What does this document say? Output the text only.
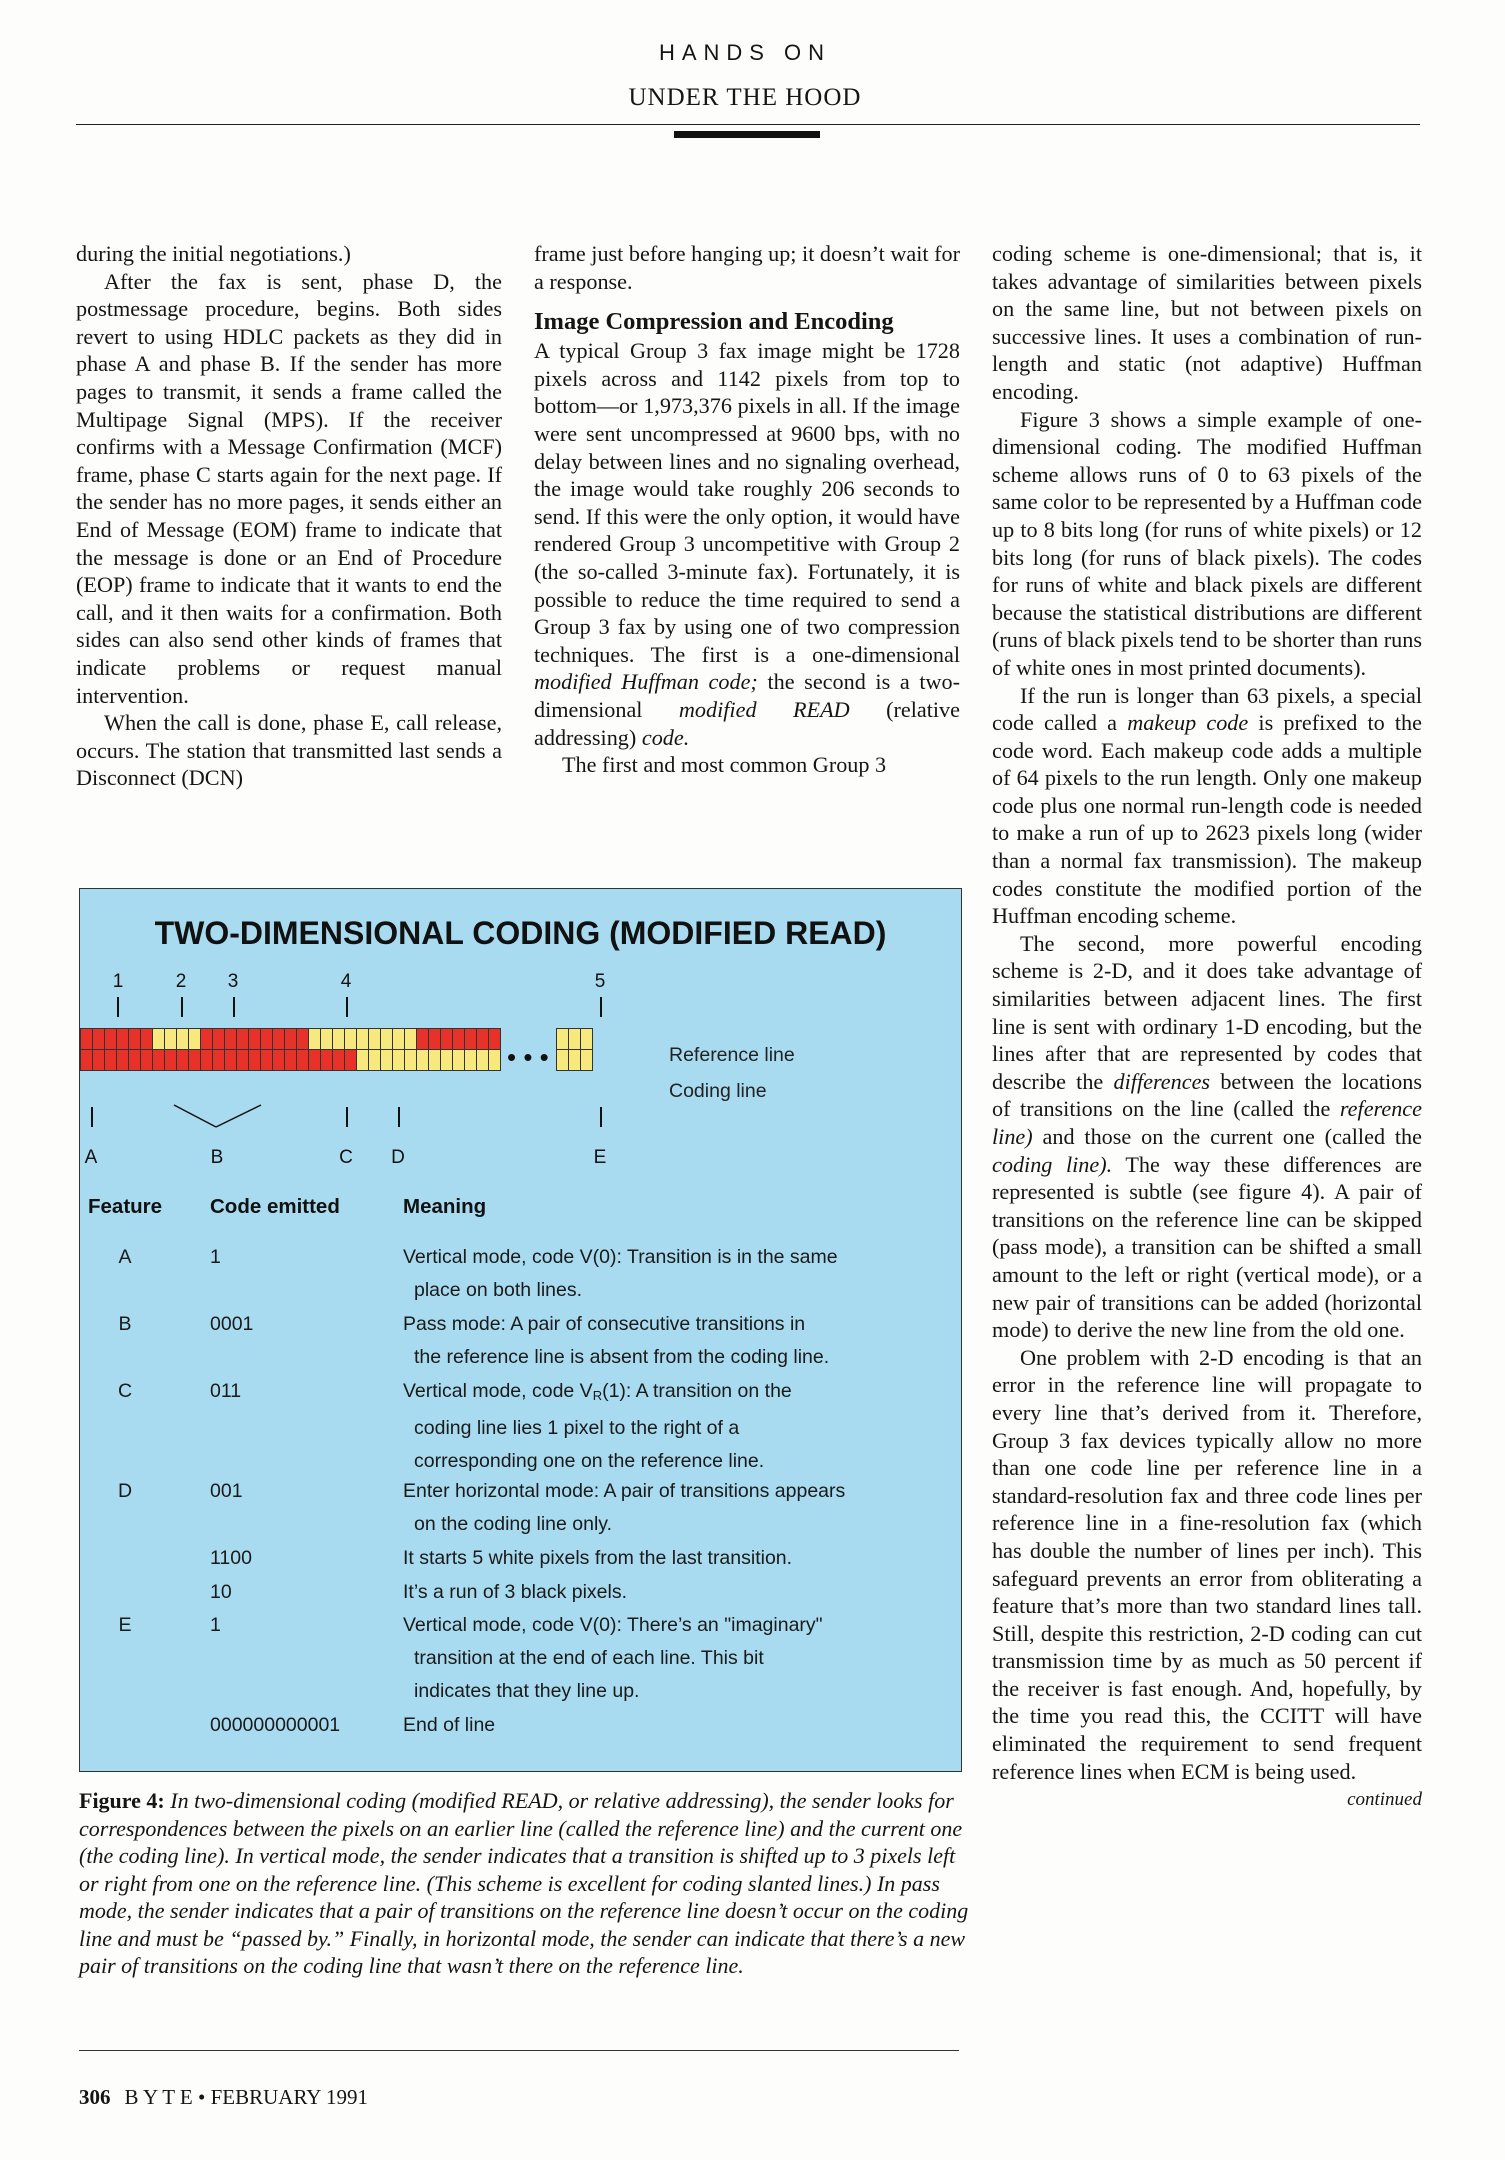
HANDS ON
UNDER THE HOOD

during the initial negotiations.)

After the fax is sent, phase D, the postmessage procedure, begins. Both sides revert to using HDLC packets as they did in phase A and phase B. If the sender has more pages to transmit, it sends a frame called the Multipage Signal (MPS). If the receiver confirms with a Message Confirmation (MCF) frame, phase C starts again for the next page. If the sender has no more pages, it sends either an End of Message (EOM) frame to indicate that the message is done or an End of Procedure (EOP) frame to indicate that it wants to end the call, and it then waits for a confirmation. Both sides can also send other kinds of frames that indicate problems or request manual intervention.

When the call is done, phase E, call release, occurs. The station that transmitted last sends a Disconnect (DCN)

frame just before hanging up; it doesn’t wait for a response.

Image Compression and Encoding

A typical Group 3 fax image might be 1728 pixels across and 1142 pixels from top to bottom—or 1,973,376 pixels in all. If the image were sent uncompressed at 9600 bps, with no delay between lines and no signaling overhead, the image would take roughly 206 seconds to send. If this were the only option, it would have rendered Group 3 uncompetitive with Group 2 (the so-called 3-minute fax). Fortunately, it is possible to reduce the time required to send a Group 3 fax by using one of two compression techniques. The first is a one-dimensional modified Huffman code; the second is a two-dimensional modified READ (relative addressing) code.

The first and most common Group 3

coding scheme is one-dimensional; that is, it takes advantage of similarities between pixels on the same line, but not between pixels on successive lines. It uses a combination of run-length and static (not adaptive) Huffman encoding.

Figure 3 shows a simple example of one-dimensional coding. The modified Huffman scheme allows runs of 0 to 63 pixels of the same color to be represented by a Huffman code up to 8 bits long (for runs of white pixels) or 12 bits long (for runs of black pixels). The codes for runs of white and black pixels are different because the statistical distributions are different (runs of black pixels tend to be shorter than runs of white ones in most printed documents).

If the run is longer than 63 pixels, a special code called a makeup code is prefixed to the code word. Each makeup code adds a multiple of 64 pixels to the run length. Only one makeup code plus one normal run-length code is needed to make a run of up to 2623 pixels long (wider than a normal fax transmission). The makeup codes constitute the modified portion of the Huffman encoding scheme.

The second, more powerful encoding scheme is 2-D, and it does take advantage of similarities between adjacent lines. The first line is sent with ordinary 1-D encoding, but the lines after that are represented by codes that describe the differences between the locations of transitions on the line (called the reference line) and those on the current one (called the coding line). The way these differences are represented is subtle (see figure 4). A pair of transitions on the reference line can be skipped (pass mode), a transition can be shifted a small amount to the left or right (vertical mode), or a new pair of transitions can be added (horizontal mode) to derive the new line from the old one.

One problem with 2-D encoding is that an error in the reference line will propagate to every line that’s derived from it. Therefore, Group 3 fax devices typically allow no more than one code line per reference line in a standard-resolution fax and three code lines per reference line in a fine-resolution fax (which has double the number of lines per inch). This safeguard prevents an error from obliterating a feature that’s more than two standard lines tall. Still, despite this restriction, 2-D coding can cut transmission time by as much as 50 percent if the receiver is fast enough. And, hopefully, by the time you read this, the CCITT will have eliminated the requirement to send frequent reference lines when ECM is being used.

continued
TWO-DIMENSIONAL CODING (MODIFIED READ)
1	2 3	4	5
• • •	Reference line
Coding line
A	B	C D	E
Feature Code emitted	Meaning
A	1	Vertical mode, code V(0): Transition is in the same
place on both lines.
B	0001	Pass mode: A pair of consecutive transitions in
the reference line is absent from the coding line.
C	011	Vertical mode, code $V_R(1)$: A transition on the
coding line lies 1 pixel to the right of a
corresponding one on the reference line.
D	001	Enter horizontal mode: A pair of transitions appears
on the coding line only.
1100	It starts 5 white pixels from the last transition.
10	It’s a run of 3 black pixels.
E	1	Vertical mode, code V(0): There’s an "imaginary"
transition at the end of each line. This bit
indicates that they line up.
000000000001	End of line
Figure 4: In two-dimensional coding (modified READ, or relative addressing), the sender looks for correspondences between the pixels on an earlier line (called the reference line) and the current one (the coding line). In vertical mode, the sender indicates that a transition is shifted up to 3 pixels left or right from one on the reference line. (This scheme is excellent for coding slanted lines.) In pass mode, the sender indicates that a pair of transitions on the reference line doesn’t occur on the coding line and must be “passed by.” Finally, in horizontal mode, the sender can indicate that there’s a new pair of transitions on the coding line that wasn’t there on the reference line.
306 B Y T E • FEBRUARY 1991
